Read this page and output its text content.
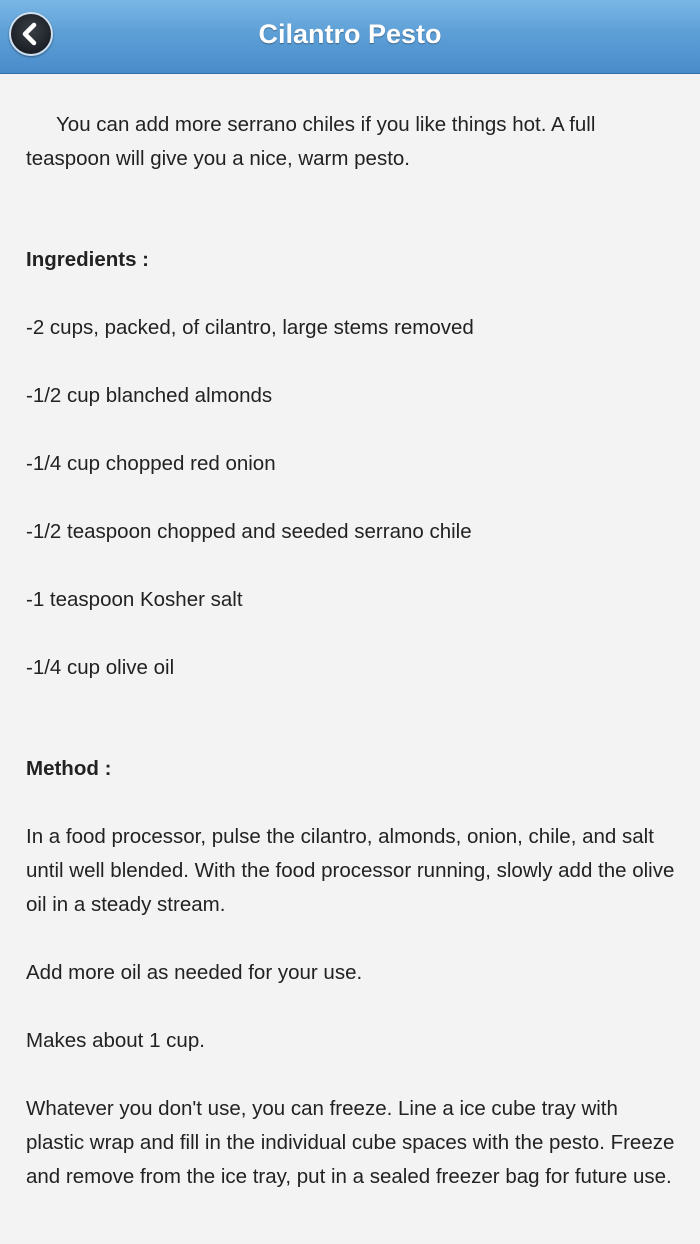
Cilantro Pesto

You can add more serrano chiles if you like things hot. A full teaspoon will give you a nice, warm pesto.

Ingredients :

-2 cups, packed, of cilantro, large stems removed

-1/2 cup blanched almonds

-1/4 cup chopped red onion

-1/2 teaspoon chopped and seeded serrano chile

-1 teaspoon Kosher salt

-1/4 cup olive oil

Method :

In a food processor, pulse the cilantro, almonds, onion, chile, and salt until well blended. With the food processor running, slowly add the olive oil in a steady stream.

Add more oil as needed for your use.

Makes about 1 cup.

Whatever you don't use, you can freeze. Line a ice cube tray with plastic wrap and fill in the individual cube spaces with the pesto. Freeze and remove from the ice tray, put in a sealed freezer bag for future use.
